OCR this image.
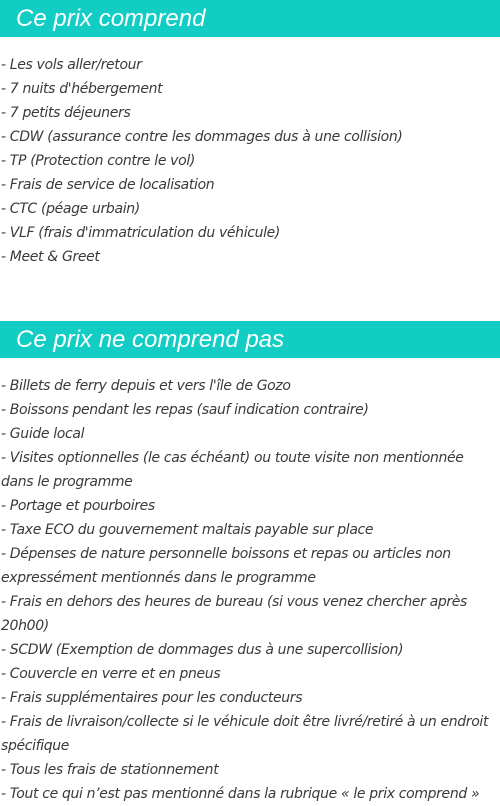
Ce prix comprend
- Les vols aller/retour
- 7 nuits d'hébergement
- 7 petits déjeuners
- CDW (assurance contre les dommages dus à une collision)
- TP (Protection contre le vol)
- Frais de service de localisation
- CTC (péage urbain)
- VLF (frais d'immatriculation du véhicule)
- Meet & Greet
Ce prix ne comprend pas
- Billets de ferry depuis et vers l'île de Gozo
- Boissons pendant les repas (sauf indication contraire)
- Guide local
- Visites optionnelles (le cas échéant) ou toute visite non mentionnée dans le programme
- Portage et pourboires
- Taxe ECO du gouvernement maltais payable sur place
- Dépenses de nature personnelle boissons et repas ou articles non expressément mentionnés dans le programme
- Frais en dehors des heures de bureau (si vous venez chercher après 20h00)
- SCDW (Exemption de dommages dus à une supercollision)
- Couvercle en verre et en pneus
- Frais supplémentaires pour les conducteurs
- Frais de livraison/collecte si le véhicule doit être livré/retiré à un endroit spécifique
- Tous les frais de stationnement
- Tout ce qui n’est pas mentionné dans la rubrique « le prix comprend »
